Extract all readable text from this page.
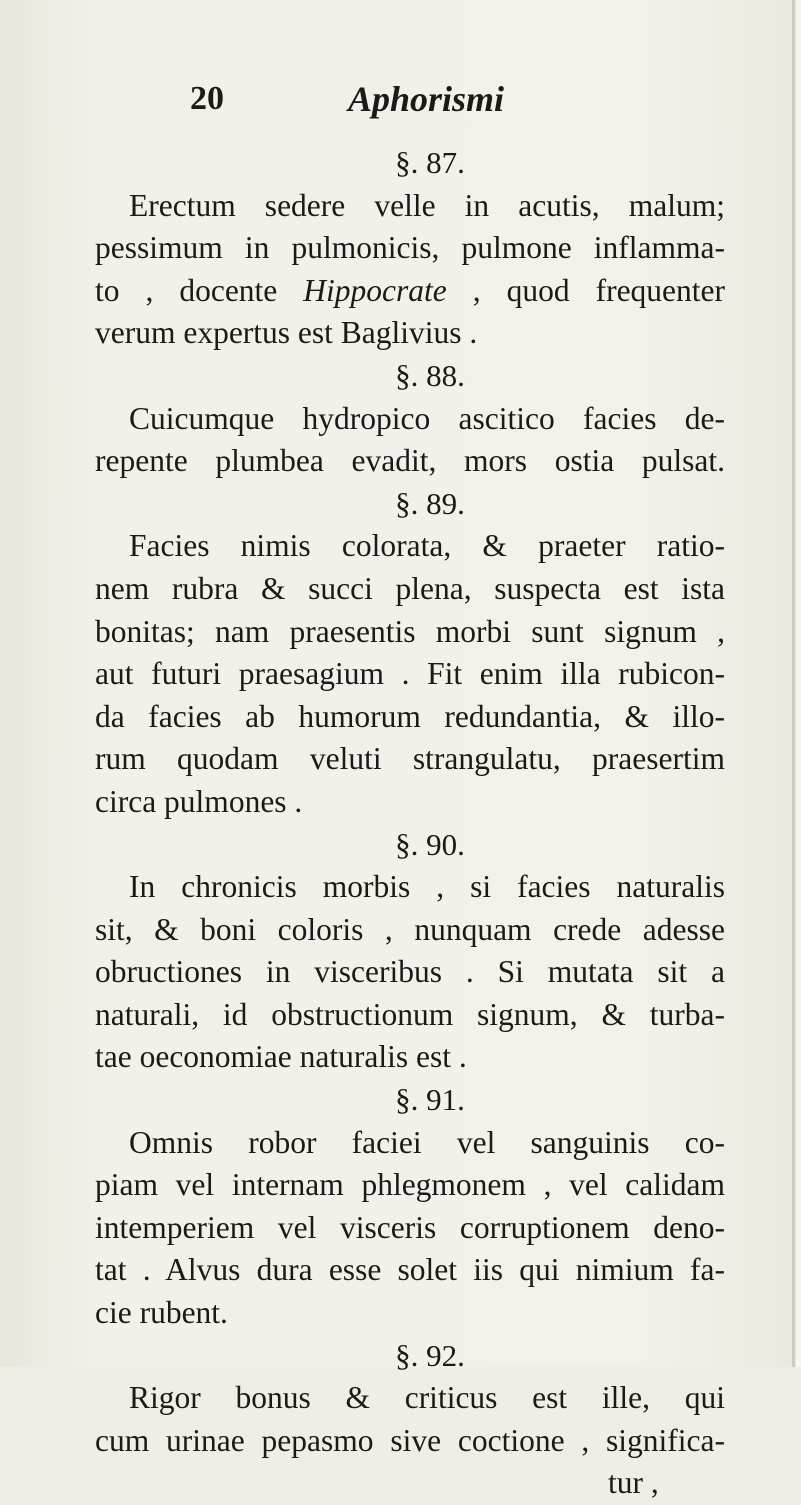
20	Aphorismi
§. 87.
Erectum sedere velle in acutis, malum;
pessimum in pulmonicis, pulmone inflamma-
to , docente Hippocrate , quod frequenter
verum expertus est Baglivius .
§. 88.
Cuicumque hydropico ascitico facies de-
repente plumbea evadit, mors ostia pulsat.
§. 89.
Facies nimis colorata, & praeter ratio-
nem rubra & succi plena, suspecta est ista
bonitas; nam praesentis morbi sunt signum ,
aut futuri praesagium . Fit enim illa rubicon-
da facies ab humorum redundantia, & illo-
rum quodam veluti strangulatu, praesertim
circa pulmones .
§. 90.
In chronicis morbis , si facies naturalis
sit, & boni coloris , nunquam crede adesse
obructiones in visceribus . Si mutata sit a
naturali, id obstructionum signum, & turba-
tae oeconomiae naturalis est .
§. 91.
Omnis robor faciei vel sanguinis co-
piam vel internam phlegmonem , vel calidam
intemperiem vel visceris corruptionem deno-
tat . Alvus dura esse solet iis qui nimium fa-
cie rubent.
§. 92.
Rigor bonus & criticus est ille, qui
cum urinae pepasmo sive coctione , significa-
tur ,
